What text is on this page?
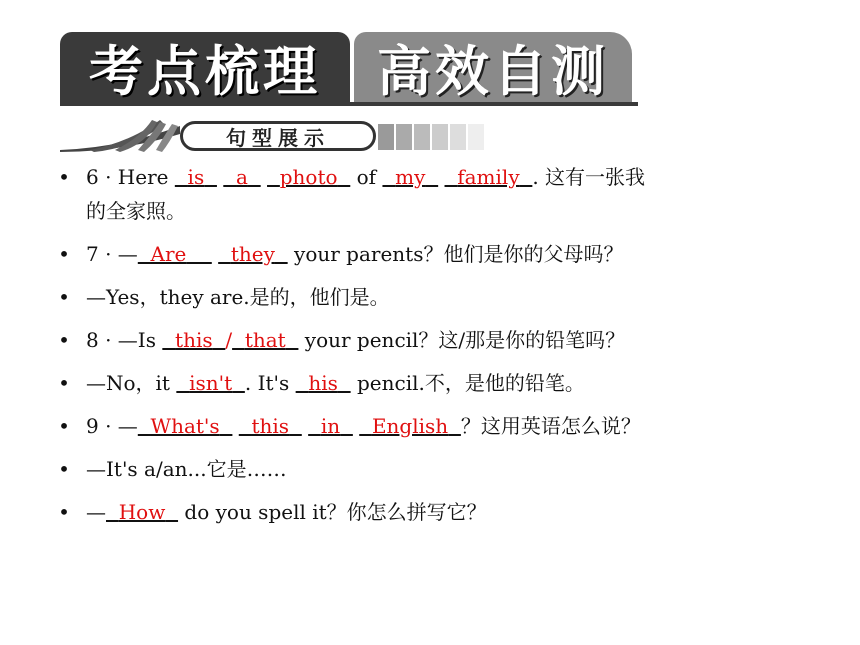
考点梳理	高效自测
句型展示
• 6 · Here   is a photo   of   my family . 这有一张我
的全家照。
• 7 · — Are they   your parents？他们是你的父母吗？
• —Yes，they are.是的，他们是。
• 8 · —Is   this / that   your pencil？这/那是你的铅笔吗？
• —No，it   isn't . It's   his   pencil.不，是他的铅笔。
• 9 · — What's this in English ？这用英语怎么说？
• —It's a/an...它是……
• — How   do you spell it？你怎么拼写它？
